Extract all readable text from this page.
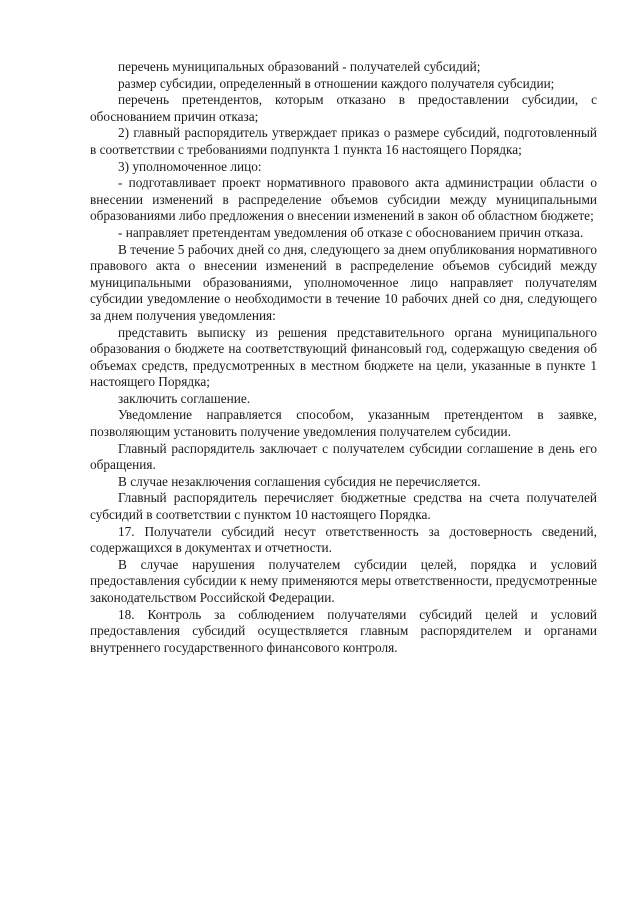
перечень муниципальных образований - получателей субсидий;

размер субсидии, определенный в отношении каждого получателя субсидии;

перечень претендентов, которым отказано в предоставлении субсидии, с обоснованием причин отказа;

2) главный распорядитель утверждает приказ о размере субсидий, подготовленный в соответствии с требованиями подпункта 1 пункта 16 настоящего Порядка;

3) уполномоченное лицо:

- подготавливает проект нормативного правового акта администрации области о внесении изменений в распределение объемов субсидии между муниципальными образованиями либо предложения о внесении изменений в закон об областном бюджете;

- направляет претендентам уведомления об отказе с обоснованием причин отказа.

В течение 5 рабочих дней со дня, следующего за днем опубликования нормативного правового акта о внесении изменений в распределение объемов субсидий между муниципальными образованиями, уполномоченное лицо направляет получателям субсидии уведомление о необходимости в течение 10 рабочих дней со дня, следующего за днем получения уведомления:

представить выписку из решения представительного органа муниципального образования о бюджете на соответствующий финансовый год, содержащую сведения об объемах средств, предусмотренных в местном бюджете на цели, указанные в пункте 1 настоящего Порядка;

заключить соглашение.

Уведомление направляется способом, указанным претендентом в заявке, позволяющим установить получение уведомления получателем субсидии.

Главный распорядитель заключает с получателем субсидии соглашение в день его обращения.

В случае незаключения соглашения субсидия не перечисляется.

Главный распорядитель перечисляет бюджетные средства на счета получателей субсидий в соответствии с пунктом 10 настоящего Порядка.

17. Получатели субсидий несут ответственность за достоверность сведений, содержащихся в документах и отчетности.

В случае нарушения получателем субсидии целей, порядка и условий предоставления субсидии к нему применяются меры ответственности, предусмотренные законодательством Российской Федерации.

18. Контроль за соблюдением получателями субсидий целей и условий предоставления субсидий осуществляется главным распорядителем и органами внутреннего государственного финансового контроля.
